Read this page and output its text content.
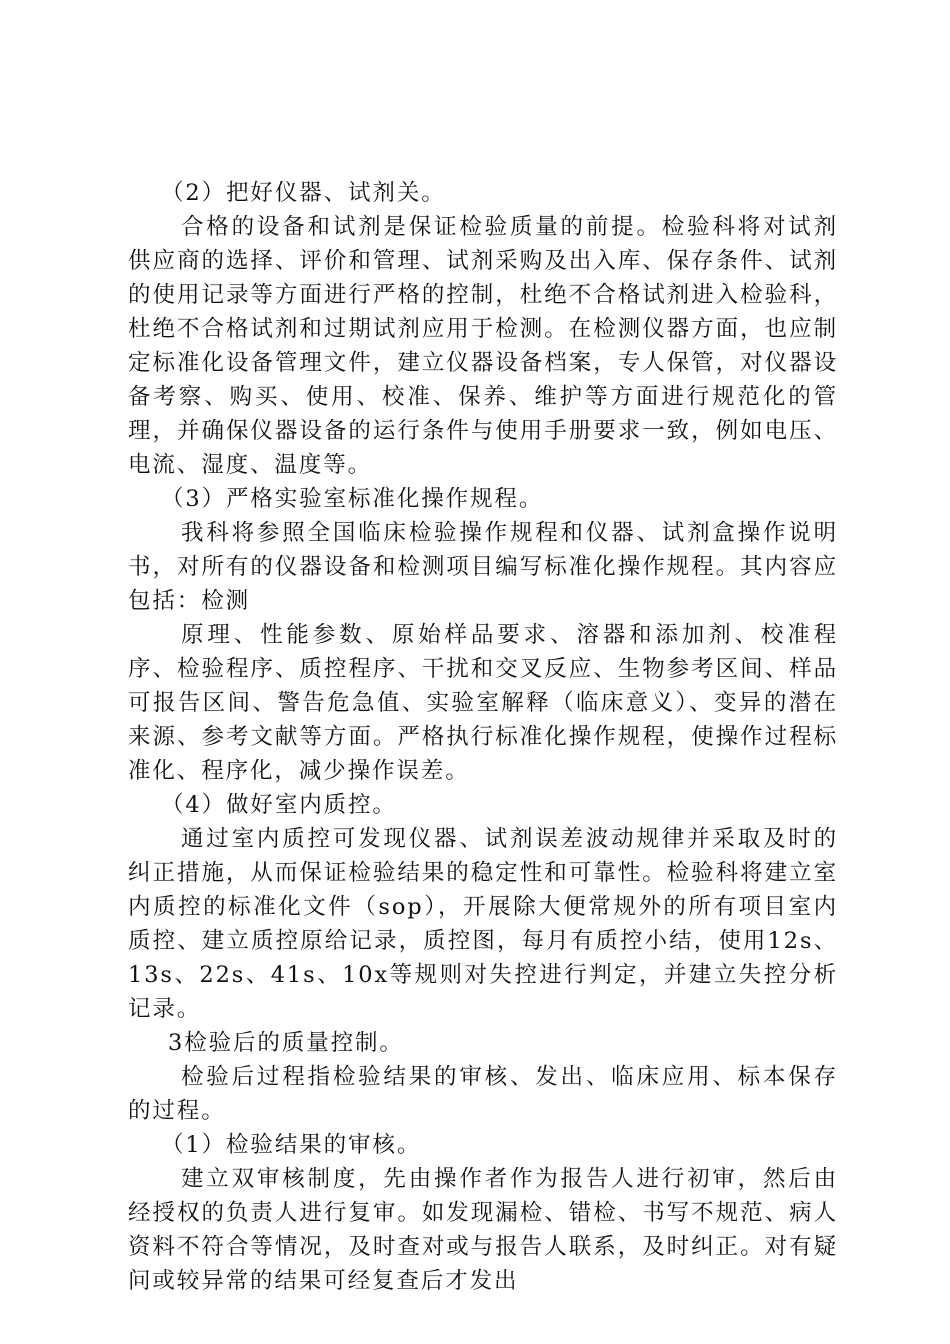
（2）把好仪器、试剂关。

合格的设备和试剂是保证检验质量的前提。检验科将对试剂供应商的选择、评价和管理、试剂采购及出入库、保存条件、试剂的使用记录等方面进行严格的控制，杜绝不合格试剂进入检验科，杜绝不合格试剂和过期试剂应用于检测。在检测仪器方面，也应制定标准化设备管理文件，建立仪器设备档案，专人保管，对仪器设备考察、购买、使用、校准、保养、维护等方面进行规范化的管理，并确保仪器设备的运行条件与使用手册要求一致，例如电压、电流、湿度、温度等。

（3）严格实验室标准化操作规程。

我科将参照全国临床检验操作规程和仪器、试剂盒操作说明书，对所有的仪器设备和检测项目编写标准化操作规程。其内容应包括：检测

原理、性能参数、原始样品要求、溶器和添加剂、校准程序、检验程序、质控程序、干扰和交叉反应、生物参考区间、样品可报告区间、警告危急值、实验室解释（临床意义）、变异的潜在来源、参考文献等方面。严格执行标准化操作规程，使操作过程标准化、程序化，减少操作误差。

（4）做好室内质控。

通过室内质控可发现仪器、试剂误差波动规律并采取及时的纠正措施，从而保证检验结果的稳定性和可靠性。检验科将建立室内质控的标准化文件（sop），开展除大便常规外的所有项目室内质控、建立质控原给记录，质控图，每月有质控小结，使用12s、13s、22s、41s、10x等规则对失控进行判定，并建立失控分析记录。

3检验后的质量控制。

检验后过程指检验结果的审核、发出、临床应用、标本保存的过程。

（1）检验结果的审核。

建立双审核制度，先由操作者作为报告人进行初审，然后由经授权的负责人进行复审。如发现漏检、错检、书写不规范、病人资料不符合等情况，及时查对或与报告人联系，及时纠正。对有疑问或较异常的结果可经复查后才发出
